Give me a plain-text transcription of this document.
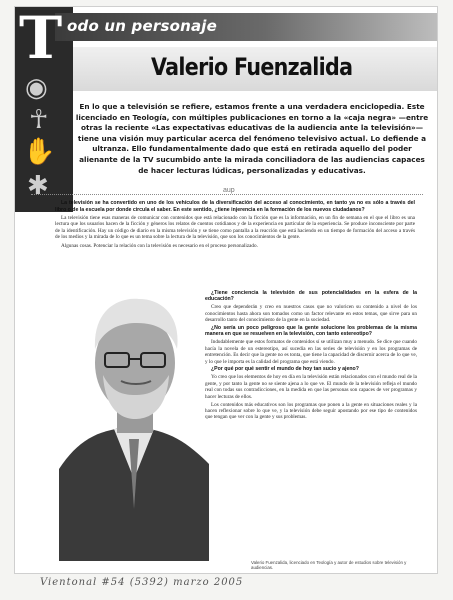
◉
☥
✋
✱
T odo un personaje
Valerio Fuenzalida
En lo que a televisión se refiere, estamos frente a una verdadera enciclopedia. Este licenciado en Teología, con múltiples publicaciones en torno a la «caja negra» —entre otras la reciente «Las expectativas educativas de la audiencia ante la televisión»— tiene una visión muy particular acerca del fenómeno televisivo actual. Lo defiende a ultranza. Ello fundamentalmente dado que está en retirada aquello del poder alienante de la TV sucumbido ante la mirada conciliadora de las audiencias capaces de hacer lecturas lúdicas, personalizadas y educativas.
aup

La televisión se ha convertido en uno de los vehículos de la diversificación del acceso al conocimiento, en tanto ya no es sólo a través del libro o de la escuela por donde circula el saber. En este sentido, ¿tiene injerencia en la formación de los nuevos ciudadanos?

La televisión tiene esas maneras de comunicar con contenidos que está relacionado con la ficción que es la información, en un fin de semana en el que el libro es una lectura que los usuarios hacen de la ficción y géneros los relatos de cuentos cotidianos y de la experiencia en particular de la experiencia. Se produce inconsciente por parte de la identificación. Hay un código de diario en la misma televisión y se tiene como pantalla a la reacción que está haciendo en un tiempo de formación del acceso a través de los medios y la mirada de lo que es un tema sobre la lectura de la televisión, que son los conocimientos de la gente.

Algunas cosas. Potenciar la relación con la televisión es necesario en el proceso personalizado.

¿Tiene conciencia la televisión de sus potencialidades en la esfera de la educación?

Creo que dependerán y creo en nuestros casos que no valoricen su contenido a nivel de los conocimientos hasta ahora son tomados como un factor relevante en estos temas, que sirve para un desarrollo tanto del conocimiento de la gente en la sociedad.

¿No sería un poco peligroso que la gente solucione los problemas de la misma manera en que se resuelven en la televisión, con tanto estereotipo?

Indudablemente que estos formatos de contenidos sí se utilizan muy a menudo. Se dice que cuando hacía la novela de un estereotipo, así sucedía en las series de televisión y en los programas de entretención. Es decir que la gente no es tonta, que tiene la capacidad de discernir acerca de lo que ve, y lo que le importa es la calidad del programa que está viendo.

¿Por qué por qué sentir el mundo de hoy tan sucio y ajeno?

Yo creo que los elementos de hoy en día en la televisión están relacionados con el mundo real de la gente, y por tanto la gente no se siente ajena a lo que ve. El mundo de la televisión refleja el mundo real con todas sus contradicciones, en la medida en que las personas son capaces de ver programas y hacer lecturas de ellos.

Los contenidos más educativos son los programas que ponen a la gente en situaciones reales y la hacen reflexionar sobre lo que ve, y la televisión debe seguir apostando por ese tipo de contenidos que tengan que ver con la gente y sus problemas.

Valerio Fuenzalida, licenciado en Teología y autor de estudios sobre televisión y audiencias.
Vientonal #54 (5392) marzo 2005
